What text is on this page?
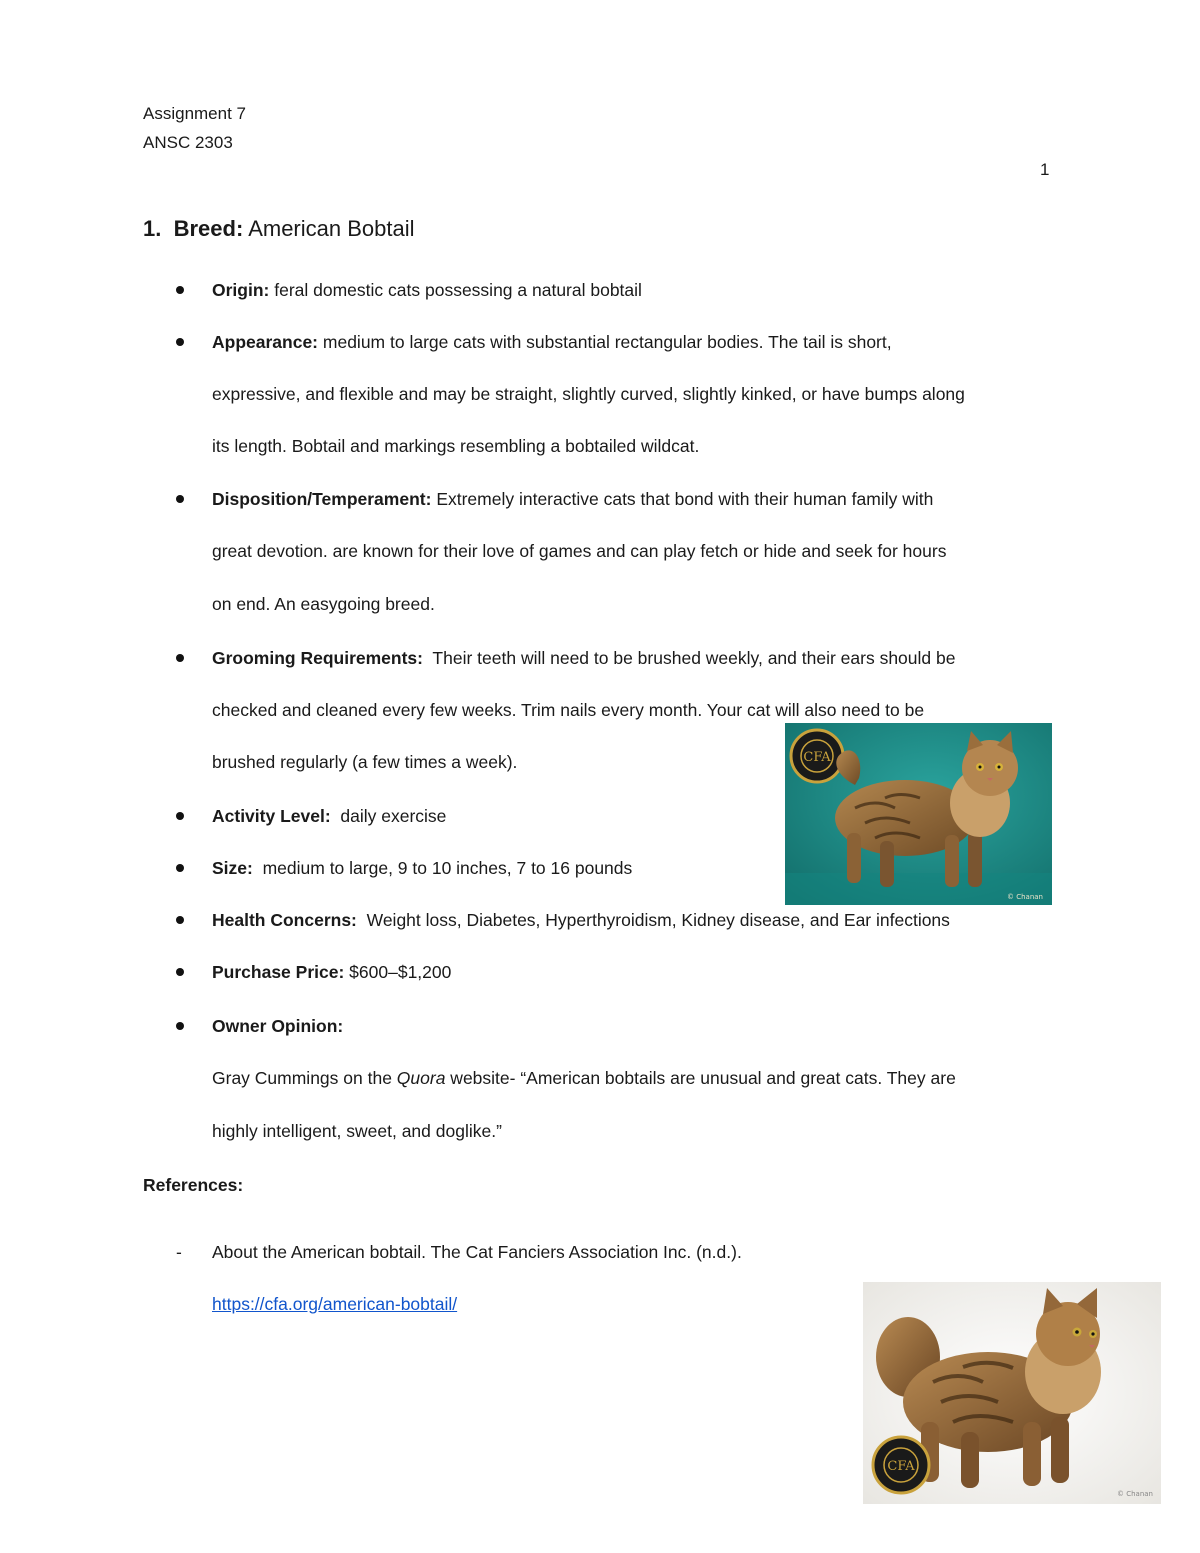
Assignment 7
ANSC 2303
1
1. Breed: American Bobtail
Origin: feral domestic cats possessing a natural bobtail
Appearance: medium to large cats with substantial rectangular bodies. The tail is short,
expressive, and flexible and may be straight, slightly curved, slightly kinked, or have bumps along
its length. Bobtail and markings resembling a bobtailed wildcat.
Disposition/Temperament: Extremely interactive cats that bond with their human family with
great devotion. are known for their love of games and can play fetch or hide and seek for hours
on end. An easygoing breed.
Grooming Requirements: Their teeth will need to be brushed weekly, and their ears should be
checked and cleaned every few weeks. Trim nails every month. Your cat will also need to be
brushed regularly (a few times a week).
Activity Level: daily exercise
Size: medium to large, 9 to 10 inches, 7 to 16 pounds
Health Concerns: Weight loss, Diabetes, Hyperthyroidism, Kidney disease, and Ear infections
Purchase Price: $600–$1,200
Owner Opinion:
Gray Cummings on the Quora website- “American bobtails are unusual and great cats. They are
highly intelligent, sweet, and doglike.”
References:
- About the American bobtail. The Cat Fanciers Association Inc. (n.d.).
https://cfa.org/american-bobtail/
CFA
© Chanan
CFA
© Chanan
